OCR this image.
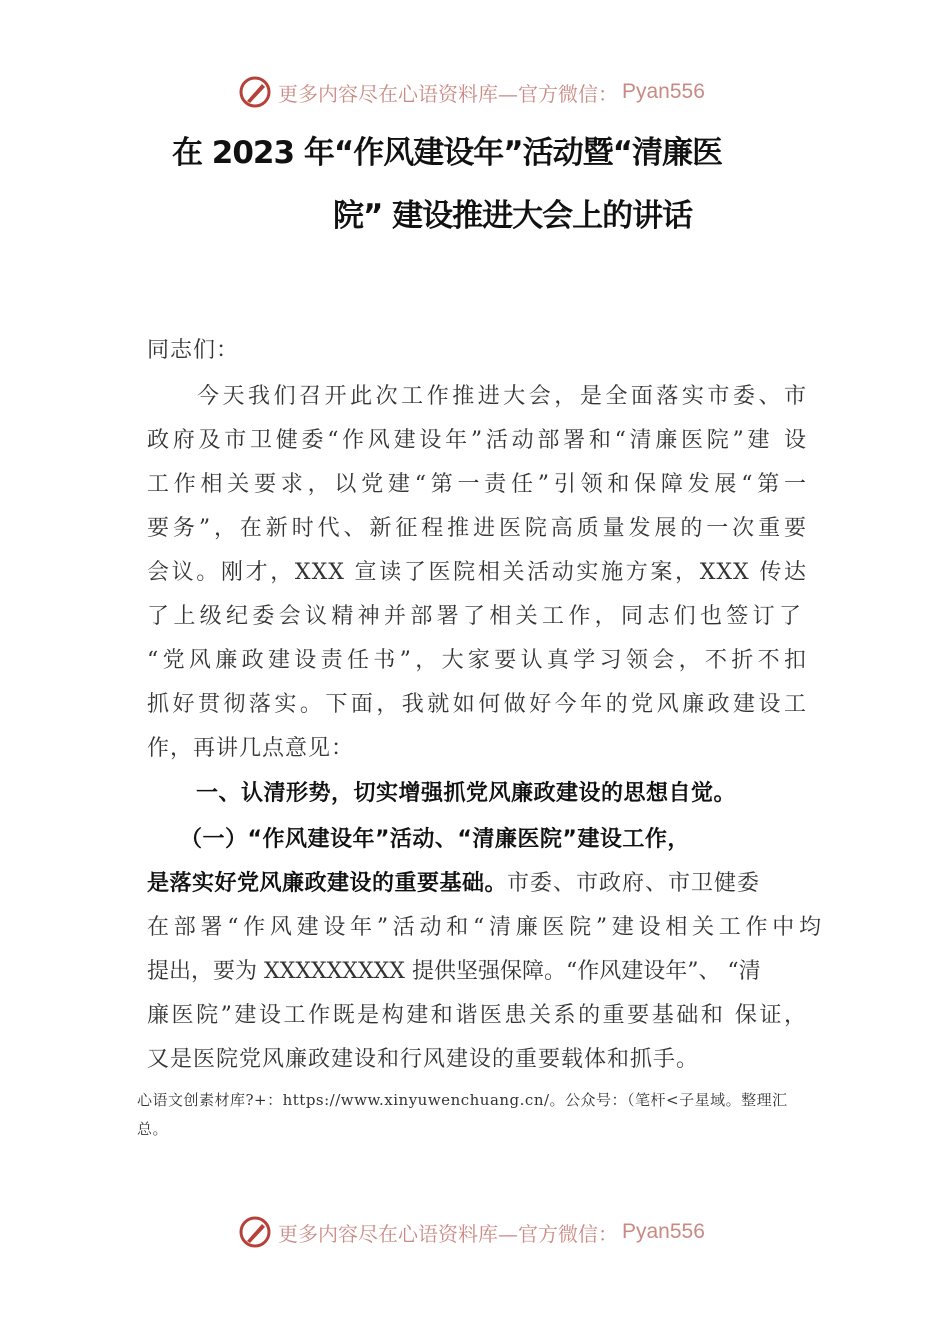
更多内容尽在心语资料库—官方微信： Pyan556
在 2023 年“作风建设年”活动暨“清廉医
院” 建设推进大会上的讲话
同志们：
今天我们召开此次工作推进大会，是全面落实市委、市
政府及市卫健委“作风建设年”活动部署和“清廉医院”建 设
工作相关要求，以党建“第一责任”引领和保障发展“第一
要务”，在新时代、新征程推进医院高质量发展的一次重要
会议。刚才，XXX 宣读了医院相关活动实施方案，XXX 传达
了上级纪委会议精神并部署了相关工作，同志们也签订了
“党风廉政建设责任书”，大家要认真学习领会，不折不扣
抓好贯彻落实。下面，我就如何做好今年的党风廉政建设工
作，再讲几点意见：
一、认清形势，切实增强抓党风廉政建设的思想自觉。
（一）“作风建设年”活动、“清廉医院”建设工作，
是落实好党风廉政建设的重要基础。市委、市政府、市卫健委
在部署“作风建设年”活动和“清廉医院”建设相关工作中均
提出，要为 XXXXXXXXX 提供坚强保障。“作风建设年”、 “清
廉医院”建设工作既是构建和谐医患关系的重要基础和 保证，
又是医院党风廉政建设和行风建设的重要载体和抓手。
心语文创素材库?+：https://www.xinyuwenchuang.cn/。公众号：（笔杆<子星域。整理汇
总。
更多内容尽在心语资料库—官方微信： Pyan556
